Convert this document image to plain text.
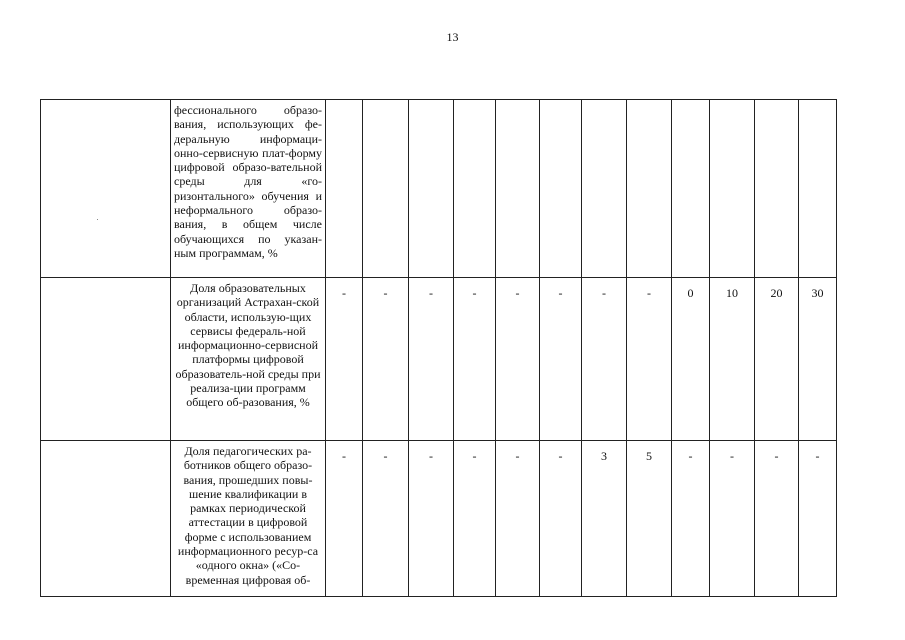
13
	фессионального образо-вания, использующих фе-деральную информаци-онно-сервисную плат-форму цифровой образо-вательной среды для «го-ризонтального» обучения и неформального образо-вания, в общем числе обучающихся по указан-ным программам, %												
	Доля образовательных организаций Астрахан-ской области, использую-щих сервисы федераль-ной информационно-сервисной платформы цифровой образователь-ной среды при реализа-ции программ общего об-разования, %	-	-	-	-	-	-	-	-	0	10	20	30
	Доля педагогических ра-ботников общего образо-вания, прошедших повы-шение квалификации в рамках периодической аттестации в цифровой форме с использованием информационного ресур-са «одного окна» («Со-временная цифровая об-	-	-	-	-	-	-	3	5	-	-	-	-
